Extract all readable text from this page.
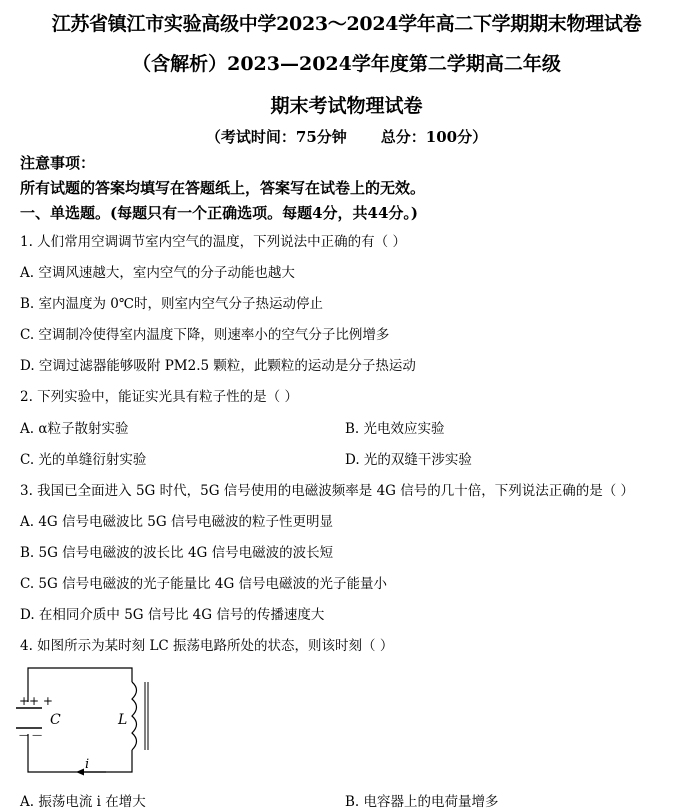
江苏省镇江市实验高级中学2023～2024学年高二下学期期末物理试卷
（含解析）2023—2024学年度第二学期高二年级
期末考试物理试卷
（考试时间：75分钟 总分：100分）
注意事项：
所有试题的答案均填写在答题纸上，答案写在试卷上的无效。
一、单选题。(每题只有一个正确选项。每题4分，共44分。)
1. 人们常用空调调节室内空气的温度，下列说法中正确的有（ ）
A. 空调风速越大，室内空气的分子动能也越大
B. 室内温度为 0℃时，则室内空气分子热运动停止
C. 空调制冷使得室内温度下降，则速率小的空气分子比例增多
D. 空调过滤器能够吸附 PM2.5 颗粒，此颗粒的运动是分子热运动
2. 下列实验中，能证实光具有粒子性的是（ ）
A. α粒子散射实验	B. 光电效应实验
C. 光的单缝衍射实验	D. 光的双缝干涉实验
3. 我国已全面进入 5G 时代，5G 信号使用的电磁波频率是 4G 信号的几十倍，下列说法正确的是（ ）
A. 4G 信号电磁波比 5G 信号电磁波的粒子性更明显
B. 5G 信号电磁波的波长比 4G 信号电磁波的波长短
C. 5G 信号电磁波的光子能量比 4G 信号电磁波的光子能量小
D. 在相同介质中 5G 信号比 4G 信号的传播速度大
4. 如图所示为某时刻 LC 振荡电路所处的状态，则该时刻（ ）
++ +
— —
C	L
i
A. 振荡电流 i 在增大	B. 电容器上的电荷量增多
